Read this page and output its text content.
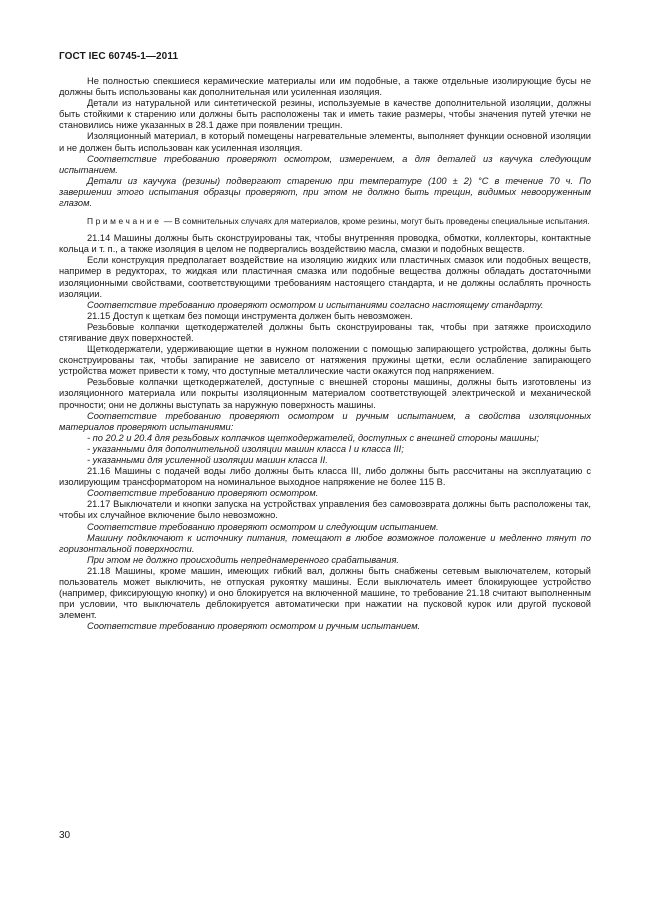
ГОСТ IEC 60745-1—2011

Не полностью спекшиеся керамические материалы или им подобные, а также отдельные изолирующие бусы не должны быть использованы как дополнительная или усиленная изоляция.

Детали из натуральной или синтетической резины, используемые в качестве дополнительной изоляции, должны быть стойкими к старению или должны быть расположены так и иметь такие размеры, чтобы значения путей утечки не становились ниже указанных в 28.1 даже при появлении трещин.

Изоляционный материал, в который помещены нагревательные элементы, выполняет функции основной изоляции и не должен быть использован как усиленная изоляция.

Соответствие требованию проверяют осмотром, измерением, а для деталей из каучука следующим испытанием.

Детали из каучука (резины) подвергают старению при температуре (100 ± 2) °С в течение 70 ч. По завершении этого испытания образцы проверяют, при этом не должно быть трещин, видимых невооруженным глазом.

Примечание — В сомнительных случаях для материалов, кроме резины, могут быть проведены специальные испытания.

21.14 Машины должны быть сконструированы так, чтобы внутренняя проводка, обмотки, коллекторы, контактные кольца и т. п., а также изоляция в целом не подвергались воздействию масла, смазки и подобных веществ.

Если конструкция предполагает воздействие на изоляцию жидких или пластичных смазок или подобных веществ, например в редукторах, то жидкая или пластичная смазка или подобные вещества должны обладать достаточными изоляционными свойствами, соответствующими требованиям настоящего стандарта, и не должны ослаблять прочность изоляции.

Соответствие требованию проверяют осмотром и испытаниями согласно настоящему стандарту.

21.15 Доступ к щеткам без помощи инструмента должен быть невозможен.

Резьбовые колпачки щеткодержателей должны быть сконструированы так, чтобы при затяжке происходило стягивание двух поверхностей.

Щеткодержатели, удерживающие щетки в нужном положении с помощью запирающего устройства, должны быть сконструированы так, чтобы запирание не зависело от натяжения пружины щетки, если ослабление запирающего устройства может привести к тому, что доступные металлические части окажутся под напряжением.

Резьбовые колпачки щеткодержателей, доступные с внешней стороны машины, должны быть изготовлены из изоляционного материала или покрыты изоляционным материалом соответствующей электрической и механической прочности; они не должны выступать за наружную поверхность машины.

Соответствие требованию проверяют осмотром и ручным испытанием, а свойства изоляционных материалов проверяют испытаниями:

- по 20.2 и 20.4 для резьбовых колпачков щеткодержателей, доступных с внешней стороны машины;

- указанными для дополнительной изоляции машин класса I и класса III;

- указанными для усиленной изоляции машин класса II.

21.16 Машины с подачей воды либо должны быть класса III, либо должны быть рассчитаны на эксплуатацию с изолирующим трансформатором на номинальное выходное напряжение не более 115 В.

Соответствие требованию проверяют осмотром.

21.17 Выключатели и кнопки запуска на устройствах управления без самовозврата должны быть расположены так, чтобы их случайное включение было невозможно.

Соответствие требованию проверяют осмотром и следующим испытанием.

Машину подключают к источнику питания, помещают в любое возможное положение и медленно тянут по горизонтальной поверхности.

При этом не должно происходить непреднамеренного срабатывания.

21.18 Машины, кроме машин, имеющих гибкий вал, должны быть снабжены сетевым выключателем, который пользователь может выключить, не отпуская рукоятку машины. Если выключатель имеет блокирующее устройство (например, фиксирующую кнопку) и оно блокируется на включенной машине, то требование 21.18 считают выполненным при условии, что выключатель деблокируется автоматически при нажатии на пусковой курок или другой пусковой элемент.

Соответствие требованию проверяют осмотром и ручным испытанием.

30
